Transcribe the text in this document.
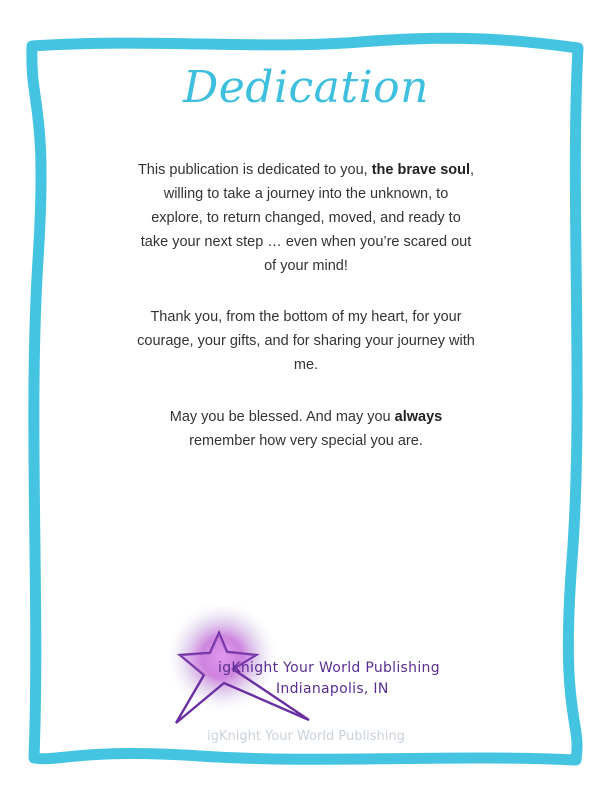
Dedication
This publication is dedicated to you, the brave soul, willing to take a journey into the unknown, to explore, to return changed, moved, and ready to take your next step … even when you’re scared out of your mind!
Thank you, from the bottom of my heart, for your courage, your gifts, and for sharing your journey with me.
May you be blessed. And may you always remember how very special you are.
igKnight Your World Publishing
Indianapolis, IN
igKnight Your World Publishing
